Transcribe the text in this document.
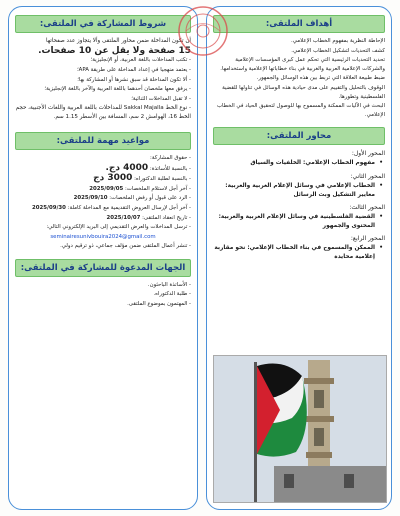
أهداف الملتقى:

الإحاطة النظرية بمفهوم الخطاب الإعلامي.

كشف التحديات لتشكيل الخطاب الإعلامي.

تحديد التحديات الرئيسية التي تحكم عمل كبرى المؤسسات الإعلامية والشركات الإعلامية العربية والغربية في بناء خطاباتها الإعلامية واستخدامها.

ضبط طبيعة العلاقة التي تربط بين هذه الوسائل والجمهور.

الوقوف بالتحليل والتقييم على مدى حيادية هذه الوسائل في تناولها للقضية الفلسطينية وتطورها.

البحث في الآليات الممكنة والمسموح بها للوصول لتحقيق الحياد في الخطاب الإعلامي.

محاور الملتقى:
المحور الأول:
• مفهوم الخطاب الإعلامي: الخلفيات والسياق
المحور الثاني:
• الخطاب الإعلامي في وسائل الإعلام الغربية والعربية: معايير التشكيل وبث الرسائل
المحور الثالث:
• القضية الفلسطينية في وسائل الإعلام الغربية والعربية: المحتوى والجمهور
المحور الرابع:
• الممكن والمسموح في بناء الخطاب الإعلامي: نحو مقاربة إعلامية محايدة
شروط المشاركة في الملتقى:

أن تكون المداخلة ضمن محاور الملتقى وألا يتجاوز عدد صفحاتها

15 صفحة ولا يقل عن 10 صفحات.

- تكتب المداخلات باللغة العربية، أو الإنجليزية؛

- يعتمد منهجيا في إعداد المداخلة على طريقة APA؛

- ألا تكون المداخلة قد سبق نشرها أو المشاركة بها؛

- يرفق معها ملخصان أحدهما باللغة العربية والآخر باللغة الإنجليزية؛

- لا تقبل المداخلات الثنائية؛

- نوع الخط Sakkal Majalla للمداخلات باللغة العربية واللغات الأجنبية، حجم الخط 16، الهوامش 2 سم، المسافة بين الأسطر 1.15 سم.

مواعيد مهمة للملتقى:

- حقوق المشاركة:

- بالنسبة للأساتذة: 4000 دج.

- بالنسبة لطلبة الدكتوراه: 3000 دج

- آخر أجل لاستلام الملخصات: 2025/09/05

- الرد على قبول أو رفض الملخصات: 2025/09/10

- آخر أجل لإرسال العروض التقديمية مع المداخلة كاملة: 2025/09/30

- تاريخ انعقاد الملتقى: 2025/10/07

- ترسل المداخلات والعرض التقديمي إلى البريد الإلكتروني التالي:

seminairesunivbouira2024@gmail.com

- تنشر أعمال الملتقى ضمن مؤلف جماعي، ذو ترقيم دولي.

الجهات المدعوة للمشاركة في الملتقى:

- الأساتذة الباحثون.

- طلبة الدكتوراه.

- المهتمون بموضوع الملتقى.
